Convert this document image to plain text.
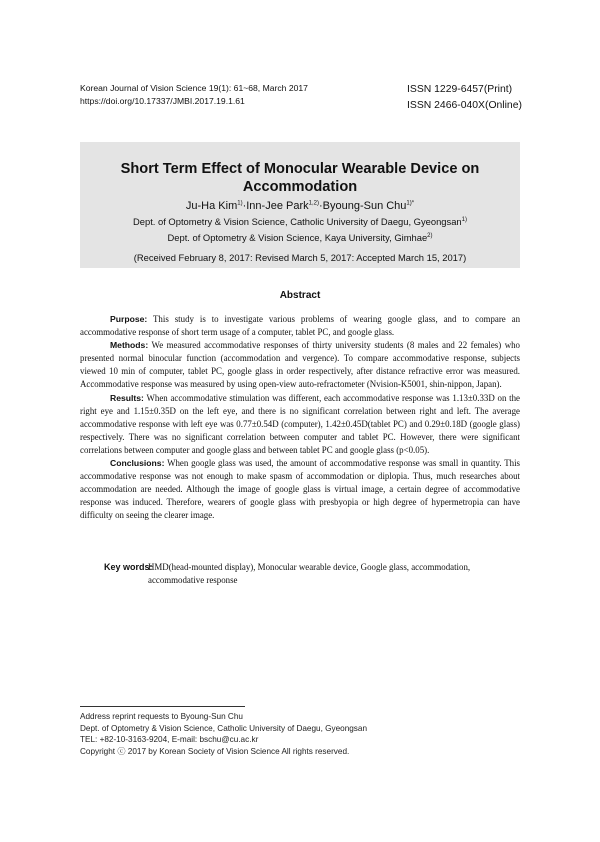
Korean Journal of Vision Science 19(1): 61~68, March 2017
https://doi.org/10.17337/JMBI.2017.19.1.61
ISSN 1229-6457(Print)
ISSN 2466-040X(Online)
Short Term Effect of Monocular Wearable Device on
Accommodation
Ju-Ha Kim$^{1)}$·Inn-Jee Park$^{1,2)}$·Byoung-Sun Chu$^{1)*}$
Dept. of Optometry & Vision Science, Catholic University of Daegu, Gyeongsan$^{1)}$
Dept. of Optometry & Vision Science, Kaya University, Gimhae$^{2)}$
(Received February 8, 2017: Revised March 5, 2017: Accepted March 15, 2017)
Abstract

Purpose: This study is to investigate various problems of wearing google glass, and to compare an accommodative response of short term usage of a computer, tablet PC, and google glass.

Methods: We measured accommodative responses of thirty university students (8 males and 22 females) who presented normal binocular function (accommodation and vergence). To compare accommodative response, subjects viewed 10 min of computer, tablet PC, google glass in order respectively, after distance refractive error was measured. Accommodative response was measured by using open-view auto-refractometer (Nvision-K5001, shin-nippon, Japan).

Results: When accommodative stimulation was different, each accommodative response was 1.13±0.33D on the right eye and 1.15±0.35D on the left eye, and there is no significant correlation between right and left. The average accommodative response with left eye was 0.77±0.54D (computer), 1.42±0.45D(tablet PC) and 0.29±0.18D (google glass) respectively. There was no significant correlation between computer and tablet PC. However, there were significant correlations between computer and google glass and between tablet PC and google glass (p<0.05).

Conclusions: When google glass was used, the amount of accommodative response was small in quantity. This accommodative response was not enough to make spasm of accommodation or diplopia. Thus, much researches about accommodation are needed. Although the image of google glass is virtual image, a certain degree of accommodative response was induced. Therefore, wearers of google glass with presbyopia or high degree of hypermetropia can have difficulty on seeing the clearer image.

Key words:
HMD(head-mounted display), Monocular wearable device, Google glass, accommodation, accommodative response
Address reprint requests to Byoung-Sun Chu
Dept. of Optometry & Vision Science, Catholic University of Daegu, Gyeongsan
TEL: +82-10-3163-9204, E-mail: bschu@cu.ac.kr
Copyright ⓒ 2017 by Korean Society of Vision Science All rights reserved.
